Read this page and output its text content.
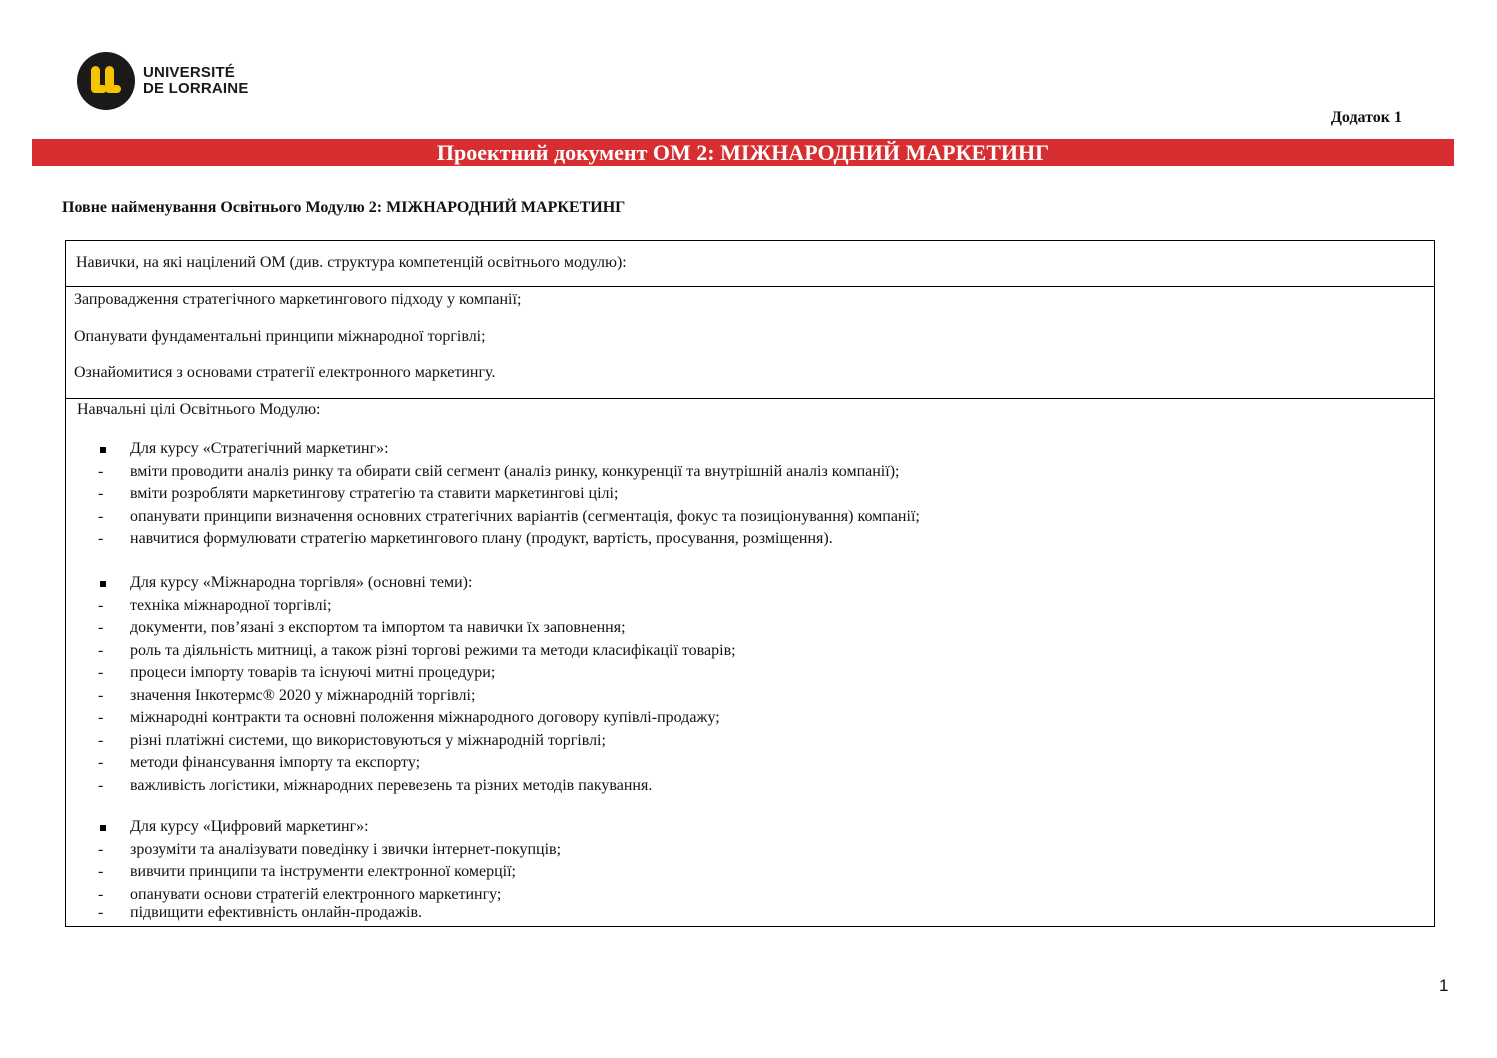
UNIVERSITÉ
DE LORRAINE
Додаток 1
Проектний документ ОМ 2: МІЖНАРОДНИЙ МАРКЕТИНГ
Повне найменування Освітнього Модулю 2: МІЖНАРОДНИЙ МАРКЕТИНГ
Навички, на які націлений ОМ (див. структура компетенцій освітнього модулю):
Запровадження стратегічного маркетингового підходу у компанії;
Опанувати фундаментальні принципи міжнародної торгівлі;
Ознайомитися з основами стратегії електронного маркетингу.
Навчальні цілі Освітнього Модулю:
Для курсу «Стратегічний маркетинг»:
- вміти проводити аналіз ринку та обирати свій сегмент (аналіз ринку, конкуренції та внутрішній аналіз компанії);
- вміти розробляти маркетингову стратегію та ставити маркетингові цілі;
- опанувати принципи визначення основних стратегічних варіантів (сегментація, фокус та позиціонування) компанії;
- навчитися формулювати стратегію маркетингового плану (продукт, вартість, просування, розміщення).
Для курсу «Міжнародна торгівля» (основні теми):
- техніка міжнародної торгівлі;
- документи, пов’язані з експортом та імпортом та навички їх заповнення;
- роль та діяльність митниці, а також різні торгові режими та методи класифікації товарів;
- процеси імпорту товарів та існуючі митні процедури;
- значення Інкотермс® 2020 у міжнародній торгівлі;
- міжнародні контракти та основні положення міжнародного договору купівлі-продажу;
- різні платіжні системи, що використовуються у міжнародній торгівлі;
- методи фінансування імпорту та експорту;
- важливість логістики, міжнародних перевезень та різних методів пакування.
Для курсу «Цифровий маркетинг»:
- зрозуміти та аналізувати поведінку і звички інтернет-покупців;
- вивчити принципи та інструменти електронної комерції;
- опанувати основи стратегій електронного маркетингу;
- підвищити ефективність онлайн-продажів.
1
